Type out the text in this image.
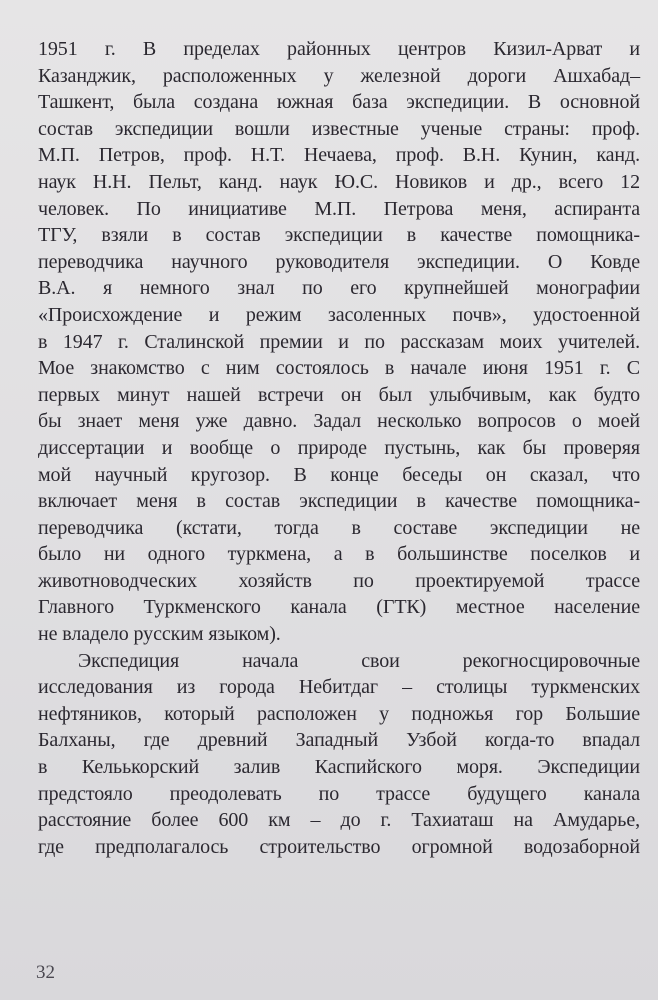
1951 г. В пределах районных центров Кизил-Арват и
Казанджик, расположенных у железной дороги Ашхабад–
Ташкент, была создана южная база экспедиции. В основной
состав экспедиции вошли известные ученые страны: проф.
М.П. Петров, проф. Н.Т. Нечаева, проф. В.Н. Кунин, канд.
наук Н.Н. Пельт, канд. наук Ю.С. Новиков и др., всего 12
человек. По инициативе М.П. Петрова меня, аспиранта
ТГУ, взяли в состав экспедиции в качестве помощника-
переводчика научного руководителя экспедиции. О Ковде
В.А. я немного знал по его крупнейшей монографии
«Происхождение и режим засоленных почв», удостоенной
в 1947 г. Сталинской премии и по рассказам моих учителей.
Мое знакомство с ним состоялось в начале июня 1951 г. С
первых минут нашей встречи он был улыбчивым, как будто
бы знает меня уже давно. Задал несколько вопросов о моей
диссертации и вообще о природе пустынь, как бы проверяя
мой научный кругозор. В конце беседы он сказал, что
включает меня в состав экспедиции в качестве помощника-
переводчика (кстати, тогда в составе экспедиции не
было ни одного туркмена, а в большинстве поселков и
животноводческих хозяйств по проектируемой трассе
Главного Туркменского канала (ГТК) местное население
не владело русским языком).
Экспедиция начала свои рекогносцировочные
исследования из города Небитдаг – столицы туркменских
нефтяников, который расположен у подножья гор Большие
Балханы, где древний Западный Узбой когда-то впадал
в Кельькорский залив Каспийского моря. Экспедиции
предстояло преодолевать по трассе будущего канала
расстояние более 600 км – до г. Тахиаташ на Амударье,
где предполагалось строительство огромной водозаборной
32
